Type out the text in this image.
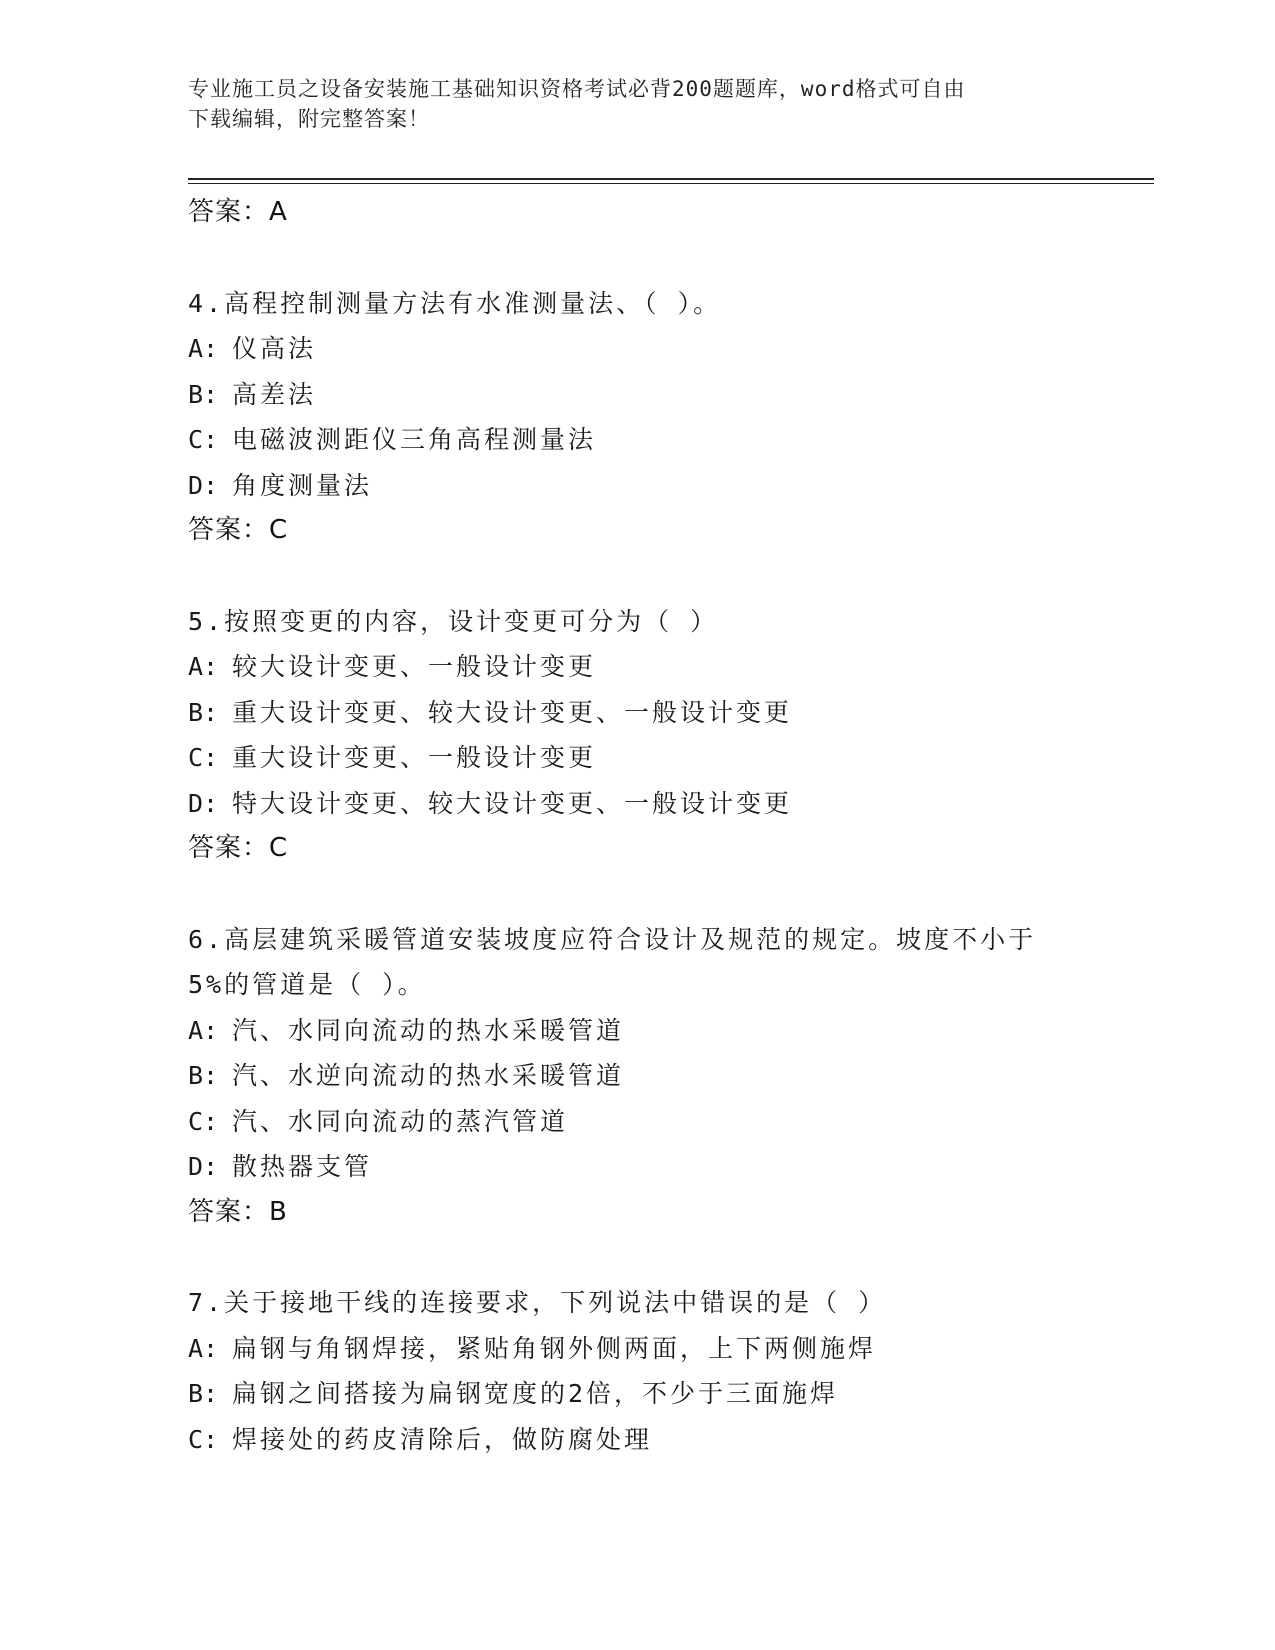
专业施工员之设备安装施工基础知识资格考试必背200题题库，word格式可自由
下载编辑，附完整答案！
答案：A
4.高程控制测量方法有水准测量法、（ ）。
A: 仪高法
B: 高差法
C: 电磁波测距仪三角高程测量法
D: 角度测量法
答案：C
5.按照变更的内容，设计变更可分为（ ）
A: 较大设计变更、一般设计变更
B: 重大设计变更、较大设计变更、一般设计变更
C: 重大设计变更、一般设计变更
D: 特大设计变更、较大设计变更、一般设计变更
答案：C
6.高层建筑采暖管道安装坡度应符合设计及规范的规定。坡度不小于
5%的管道是（ ）。
A: 汽、水同向流动的热水采暖管道
B: 汽、水逆向流动的热水采暖管道
C: 汽、水同向流动的蒸汽管道
D: 散热器支管
答案：B
7.关于接地干线的连接要求，下列说法中错误的是（ ）
A: 扁钢与角钢焊接，紧贴角钢外侧两面，上下两侧施焊
B: 扁钢之间搭接为扁钢宽度的2倍，不少于三面施焊
C: 焊接处的药皮清除后，做防腐处理
